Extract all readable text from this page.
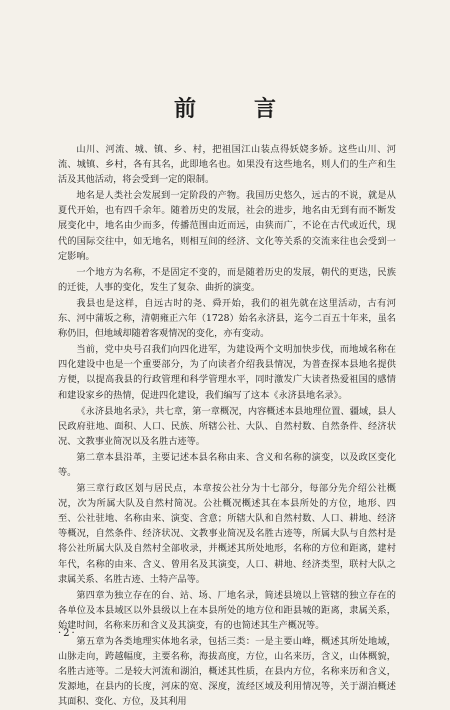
前　言

山川、河流、城、镇、乡、村，把祖国江山装点得妖娆多娇。这些山川、河流、城镇、乡村，各有其名，此即地名也。如果没有这些地名，则人们的生产和生活及其他活动，将会受到一定的限制。

地名是人类社会发展到一定阶段的产物。我国历史悠久，远古的不说，就是从夏代开始，也有四千余年。随着历史的发展，社会的进步，地名由无到有而不断发展变化中，地名由少而多，传播范围由近而远，由狭而广，不论在古代或近代，现代的国际交往中，如无地名，则相互间的经济、文化等关系的交流来往也会受到一定影响。

一个地方为名称，不是固定不变的，而是随着历史的发展，朝代的更迭，民族的迁徙，人事的变化，发生了复杂、曲折的演变。

我县也是这样，自远古时的尧、舜开始，我们的祖先就在这里活动，古有河东、河中蒲坂之称，清朝雍正六年（1728）始名永济县，迄今二百五十年来，虽名称仍旧，但地域却随着客观情况的变化，亦有变动。

当前，党中央号召我们向四化进军，为建设两个文明加快步伐，而地域名称在四化建设中也是一个重要部分，为了向读者介绍我县情况，为普查探本县地名提供方便，以提高我县的行政管理和科学管理水平，同时激发广大读者热爱祖国的感情和建设家乡的热情，促进四化建设，我们编写了这本《永济县地名录》。

《永济县地名录》，共七章，第一章概况，内容概述本县地理位置、疆域，县人民政府驻地、面积、人口、民族、所辖公社、大队、自然村数、自然条件、经济状况、文教事业简况以及名胜古迹等。

第二章本县沿革，主要记述本县名称由来、含义和名称的演变，以及政区变化等。

第三章行政区划与居民点，本章按公社分为十七部分，每部分先介绍公社概况，次为所属大队及自然村简况。公社概况概述其在本县所处的方位，地形、四至、公社驻地、名称由来、演变、含意；所辖大队和自然村数、人口、耕地、经济等概况，自然条件、经济状况、文教事业简况及名胜古迹等，所属大队与自然村是将公社所属大队及自然村全部收录，并概述其所处地形，名称的方位和距离，建村年代，名称的由来、含义、曾用名及其演变，人口、耕地、经济类型，联村大队之隶属关系、名胜古迹、土特产品等。

第四章为独立存在的台、站、场、厂地名录，简述县境以上管辖的独立存在的各单位及本县域区以外县级以上在本县所处的地方位和距县城的距离，隶属关系，始建时间，名称来历和含义及其演变，有的也简述其生产概况等。

第五章为各类地理实体地名录，包括三类：一是主要山峰，概述其所处地域，山脉走向，跨越幅度，主要名称，海拔高度，方位，山名来历，含义，山体概貌，名胜古迹等。二是较大河流和湖泊，概述其性质，在县内方位，名称来历和含义，发源地，在县内的长度，河床的宽、深度，流经区域及利用情况等，关于湖泊概述其面积、变化、方位，及其利用

·2·
